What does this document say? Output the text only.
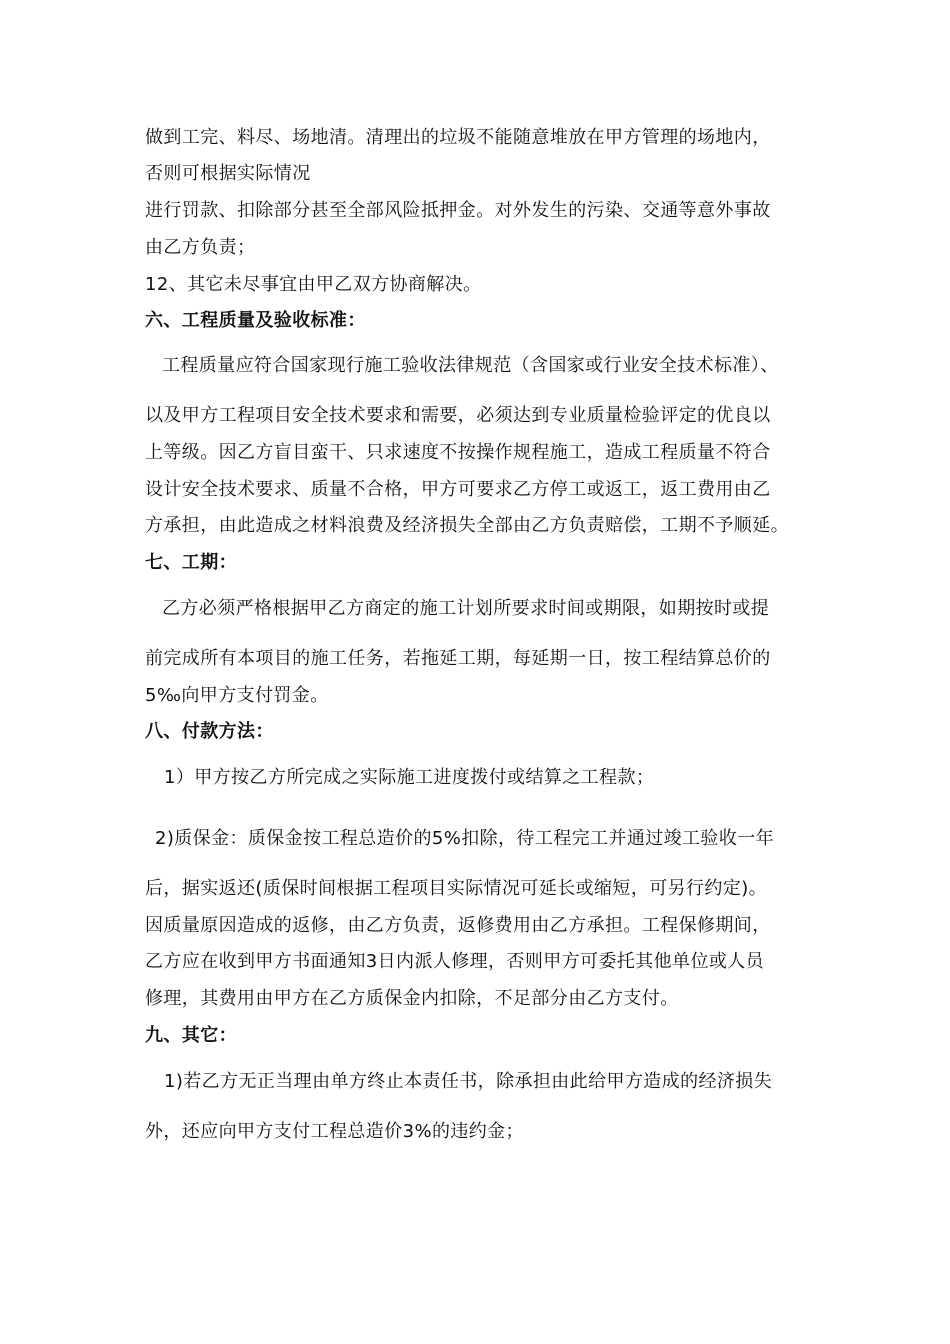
做到工完、料尽、场地清。清理出的垃圾不能随意堆放在甲方管理的场地内，
否则可根据实际情况
进行罚款、扣除部分甚至全部风险抵押金。对外发生的污染、交通等意外事故
由乙方负责；
12、其它未尽事宜由甲乙双方协商解决。
六、工程质量及验收标准：
工程质量应符合国家现行施工验收法律规范（含国家或行业安全技术标准）、
以及甲方工程项目安全技术要求和需要，必须达到专业质量检验评定的优良以
上等级。因乙方盲目蛮干、只求速度不按操作规程施工，造成工程质量不符合
设计安全技术要求、质量不合格，甲方可要求乙方停工或返工，返工费用由乙
方承担，由此造成之材料浪费及经济损失全部由乙方负责赔偿，工期不予顺延。
七、工期：
乙方必须严格根据甲乙方商定的施工计划所要求时间或期限，如期按时或提
前完成所有本项目的施工任务，若拖延工期，每延期一日，按工程结算总价的
5‰向甲方支付罚金。
八、付款方法：
1）甲方按乙方所完成之实际施工进度拨付或结算之工程款；
2)质保金：质保金按工程总造价的5%扣除，待工程完工并通过竣工验收一年
后，据实返还(质保时间根据工程项目实际情况可延长或缩短，可另行约定)。
因质量原因造成的返修，由乙方负责，返修费用由乙方承担。工程保修期间，
乙方应在收到甲方书面通知3日内派人修理，否则甲方可委托其他单位或人员
修理，其费用由甲方在乙方质保金内扣除，不足部分由乙方支付。
九、其它：
1)若乙方无正当理由单方终止本责任书，除承担由此给甲方造成的经济损失
外，还应向甲方支付工程总造价3%的违约金；
